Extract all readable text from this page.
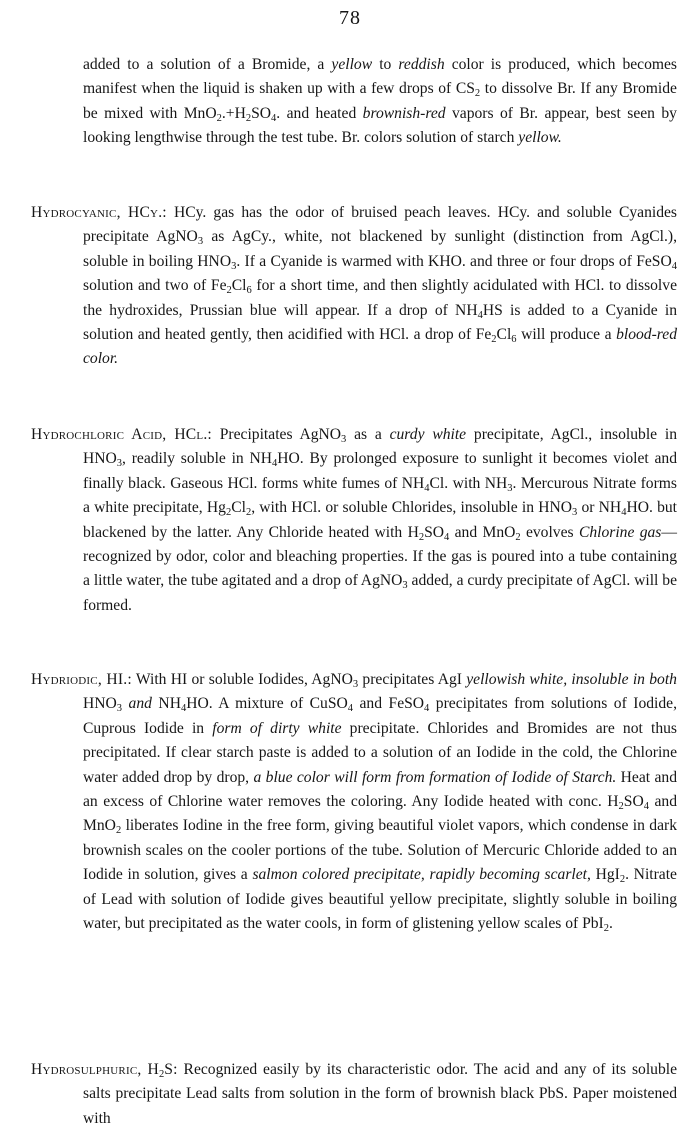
78

added to a solution of a Bromide, a yellow to reddish color is produced, which becomes manifest when the liquid is shaken up with a few drops of $CS_2$ to dissolve Br. If any Bromide be mixed with $MnO_2.+H_2SO_4$. and heated brownish-red vapors of Br. appear, best seen by looking lengthwise through the test tube. Br. colors solution of starch yellow.

Hydrocyanic, HCy.: HCy. gas has the odor of bruised peach leaves. HCy. and soluble Cyanides precipitate AgNO$_3$ as AgCy., white, not blackened by sunlight (distinction from AgCl.), soluble in boiling $HNO_3$. If a Cyanide is warmed with KHO. and three or four drops of FeSO$_4$ solution and two of $Fe_2Cl_6$ for a short time, and then slightly acidulated with HCl. to dissolve the hydroxides, Prussian blue will appear. If a drop of $NH_4HS$ is added to a Cyanide in solution and heated gently, then acidified with HCl. a drop of $Fe_2Cl_6$ will produce a blood-red color.

Hydrochloric Acid, HCl.: Precipitates AgNO$_3$ as a curdy white precipitate, AgCl., insoluble in $HNO_3$, readily soluble in $NH_4HO$. By prolonged exposure to sunlight it becomes violet and finally black. Gaseous HCl. forms white fumes of $NH_4Cl$. with $NH_3$. Mercurous Nitrate forms a white precipitate, $Hg_2Cl_2$, with HCl. or soluble Chlorides, insoluble in $HNO_3$ or $NH_4HO$. but blackened by the latter. Any Chloride heated with $H_2SO_4$ and MnO$_2$ evolves Chlorine gas—recognized by odor, color and bleaching properties. If the gas is poured into a tube containing a little water, the tube agitated and a drop of AgNO$_3$ added, a curdy precipitate of AgCl. will be formed.

Hydriodic, HI.: With HI or soluble Iodides, AgNO$_3$ precipitates AgI yellowish white, insoluble in both $HNO_3$ and $NH_4HO$. A mixture of CuSO$_4$ and FeSO$_4$ precipitates from solutions of Iodide, Cuprous Iodide in form of dirty white precipitate. Chlorides and Bromides are not thus precipitated. If clear starch paste is added to a solution of an Iodide in the cold, the Chlorine water added drop by drop, a blue color will form from formation of Iodide of Starch. Heat and an excess of Chlorine water removes the coloring. Any Iodide heated with conc. $H_2SO_4$ and MnO$_2$ liberates Iodine in the free form, giving beautiful violet vapors, which condense in dark brownish scales on the cooler portions of the tube. Solution of Mercuric Chloride added to an Iodide in solution, gives a salmon colored precipitate, rapidly becoming scarlet, HgI$_2$. Nitrate of Lead with solution of Iodide gives beautiful yellow precipitate, slightly soluble in boiling water, but precipitated as the water cools, in form of glistening yellow scales of PbI$_2$.

Hydrosulphuric, $H_2S$: Recognized easily by its characteristic odor. The acid and any of its soluble salts precipitate Lead salts from solution in the form of brownish black PbS. Paper moistened with
